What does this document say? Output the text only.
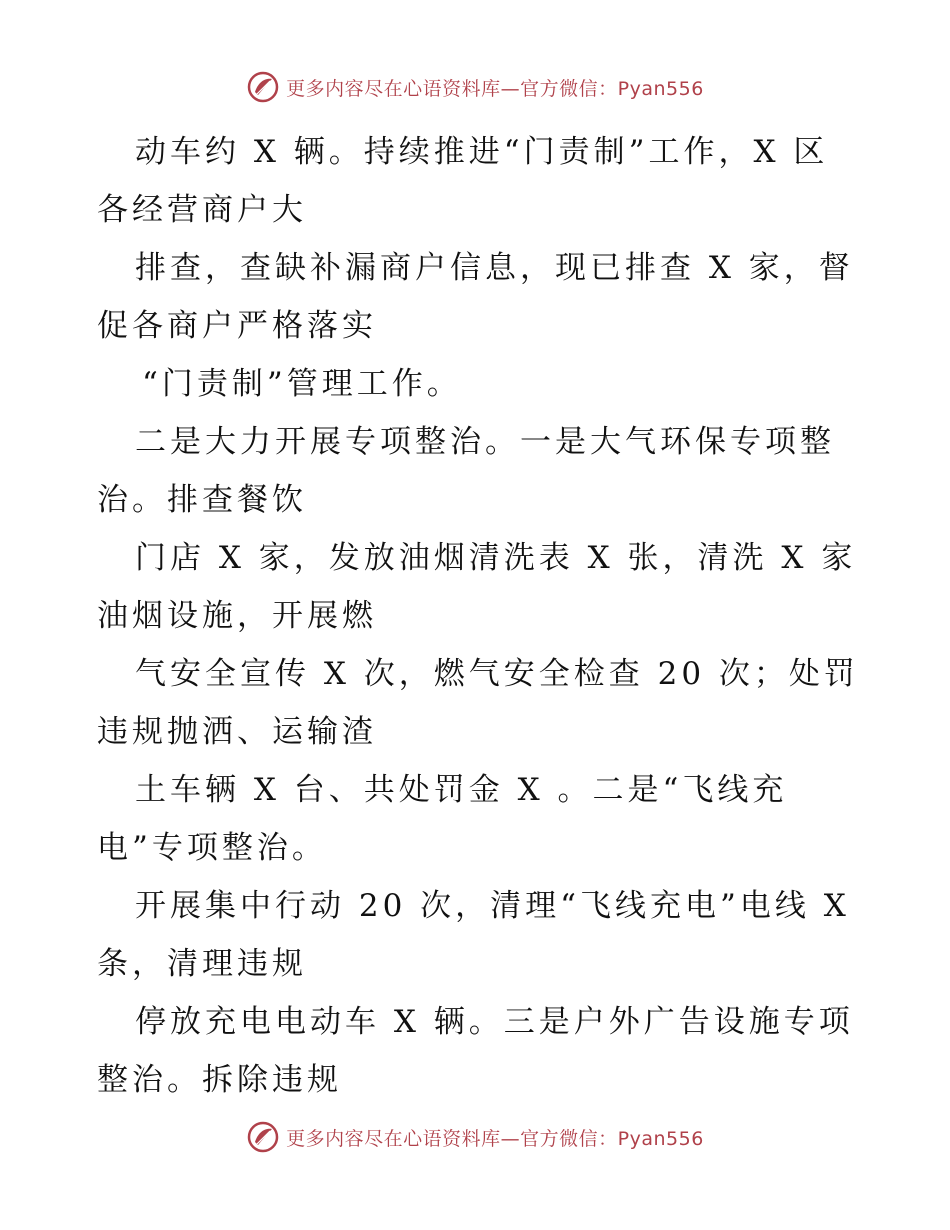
更多内容尽在心语资料库—官方微信：Pyan556
动车约 X 辆。持续推进“门责制”工作，X 区
各经营商户大
排查，查缺补漏商户信息，现已排查 X 家，督
促各商户严格落实
“门责制”管理工作。
二是大力开展专项整治。一是大气环保专项整
治。排查餐饮
门店 X 家，发放油烟清洗表 X 张，清洗 X 家
油烟设施，开展燃
气安全宣传 X 次，燃气安全检查 20 次；处罚
违规抛洒、运输渣
土车辆 X 台、共处罚金 X 。二是“飞线充
电”专项整治。
开展集中行动 20 次，清理“飞线充电”电线 X
条，清理违规
停放充电电动车 X 辆。三是户外广告设施专项
整治。拆除违规
更多内容尽在心语资料库—官方微信：Pyan556
